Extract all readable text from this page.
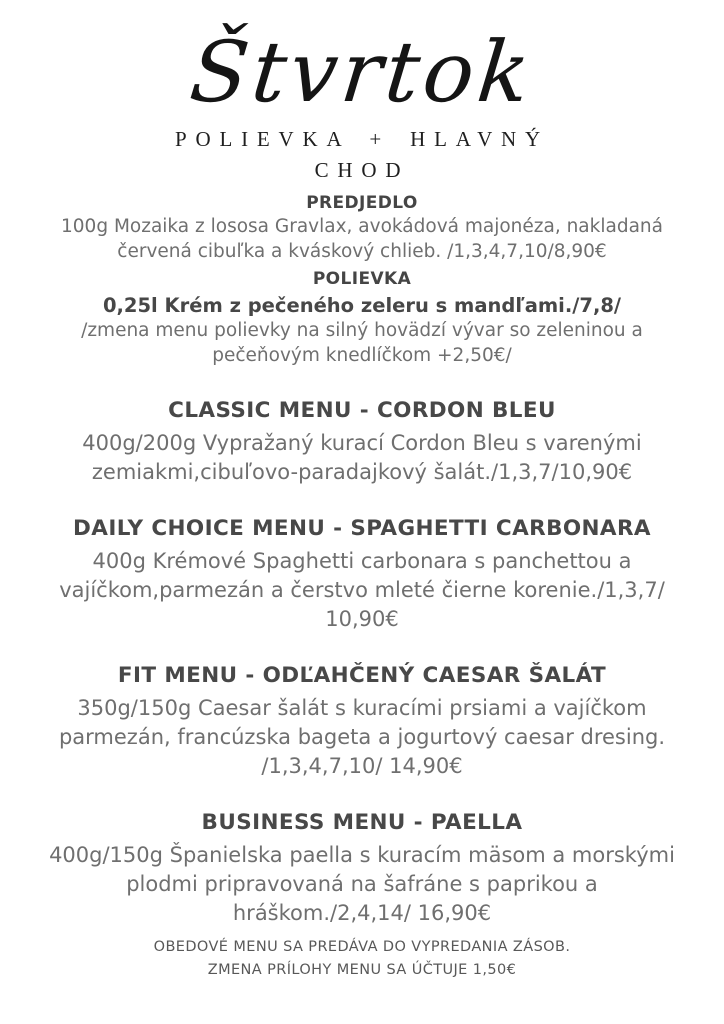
Štvrtok
POLIEVKA + HLAVNÝ CHOD
PREDJEDLO
100g Mozaika z lososa Gravlax, avokádová majonéza, nakladaná červená cibuľka a kváskový chlieb. /1,3,4,7,10/8,90€
POLIEVKA
0,25l Krém z pečeného zeleru s mandľami./7,8/
/zmena menu polievky na silný hovädzí vývar so zeleninou a pečeňovým knedlíčkom +2,50€/
CLASSIC MENU - CORDON BLEU
400g/200g Vypražaný kurací Cordon Bleu s varenými zemiakmi,cibuľovo-paradajkový šalát./1,3,7/10,90€
DAILY CHOICE MENU - SPAGHETTI CARBONARA
400g Krémové Spaghetti carbonara s panchettou a vajíčkom,parmezán a čerstvo mleté čierne korenie./1,3,7/ 10,90€
FIT MENU - ODĽAHČENÝ CAESAR ŠALÁT
350g/150g Caesar šalát s kuracími prsiami a vajíčkom parmezán, francúzska bageta a jogurtový caesar dresing. /1,3,4,7,10/ 14,90€
BUSINESS MENU - PAELLA
400g/150g Španielska paella s kuracím mäsom a morskými plodmi pripravovaná na šafráne s paprikou a hráškom./2,4,14/ 16,90€
OBEDOVÉ MENU SA PREDÁVA DO VYPREDANIA ZÁSOB.
ZMENA PRÍLOHY MENU SA ÚČTUJE 1,50€
